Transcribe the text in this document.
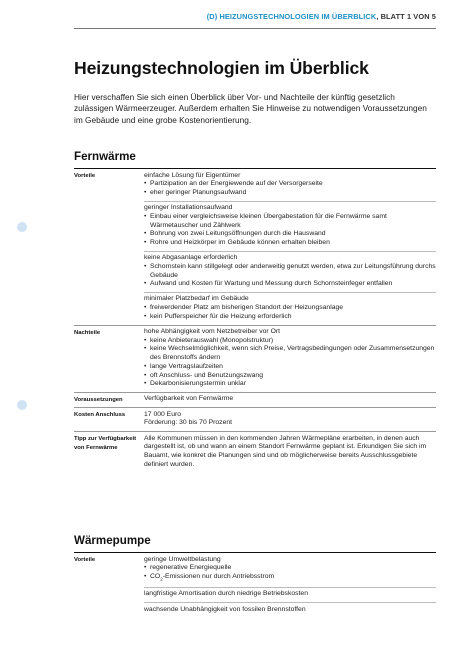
(D) HEIZUNGSTECHNOLOGIEN IM ÜBERBLICK, BLATT 1 VON 5
Heizungstechnologien im Überblick

Hier verschaffen Sie sich einen Überblick über Vor- und Nachteile der künftig gesetzlich zulässigen Wärmeerzeuger. Außerdem erhalten Sie Hinweise zu notwendigen Voraussetzungen im Gebäude und eine grobe Kostenorientierung.

Fernwärme
Vorteile	einfache Lösung für Eigentümer
• Partizipation an der Energiewende auf der Versorgerseite
• eher geringer Planungsaufwand
geringer Installationsaufwand
• Einbau einer vergleichsweise kleinen Übergabestation für die Fernwärme samt Wärmetauscher und Zählwerk
• Bohrung von zwei Leitungsöffnungen durch die Hauswand
• Rohre und Heizkörper im Gebäude können erhalten bleiben
keine Abgasanlage erforderlich
• Schornstein kann stillgelegt oder anderweitig genutzt werden, etwa zur Leitungsführung durchs Gebäude
• Aufwand und Kosten für Wartung und Messung durch Schornsteinfeger entfallen
minimaler Platzbedarf im Gebäude
• freiwerdender Platz am bisherigen Standort der Heizungsanlage
• kein Pufferspeicher für die Heizung erforderlich
Nachteile	hohe Abhängigkeit vom Netzbetreiber vor Ort
• keine Anbieterauswahl (Monopolstruktur)
• keine Wechselmöglichkeit, wenn sich Preise, Vertragsbedingungen oder Zusammensetzungen des Brennstoffs ändern
• lange Vertragslaufzeiten
• oft Anschluss- und Benutzungszwang
• Dekarbonisierungstermin unklar
Voraussetzungen	Verfügbarkeit von Fernwärme
Kosten Anschluss	17 000 Euro
Förderung: 30 bis 70 Prozent
Tipp zur Verfügbarkeit von Fernwärme
Alle Kommunen müssen in den kommenden Jahren Wärmepläne erarbeiten, in denen auch dargestellt ist, ob und wann an einem Standort Fernwärme geplant ist. Erkundigen Sie sich im Bauamt, wie konkret die Planungen sind und ob möglicherweise bereits Ausschlussgebiete definiert wurden.
Wärmepumpe
Vorteile	geringe Umweltbelastung
• regenerative Energiequelle
• $CO_2$-Emissionen nur durch Antriebsstrom
langfristige Amortisation durch niedrige Betriebskosten
wachsende Unabhängigkeit von fossilen Brennstoffen
